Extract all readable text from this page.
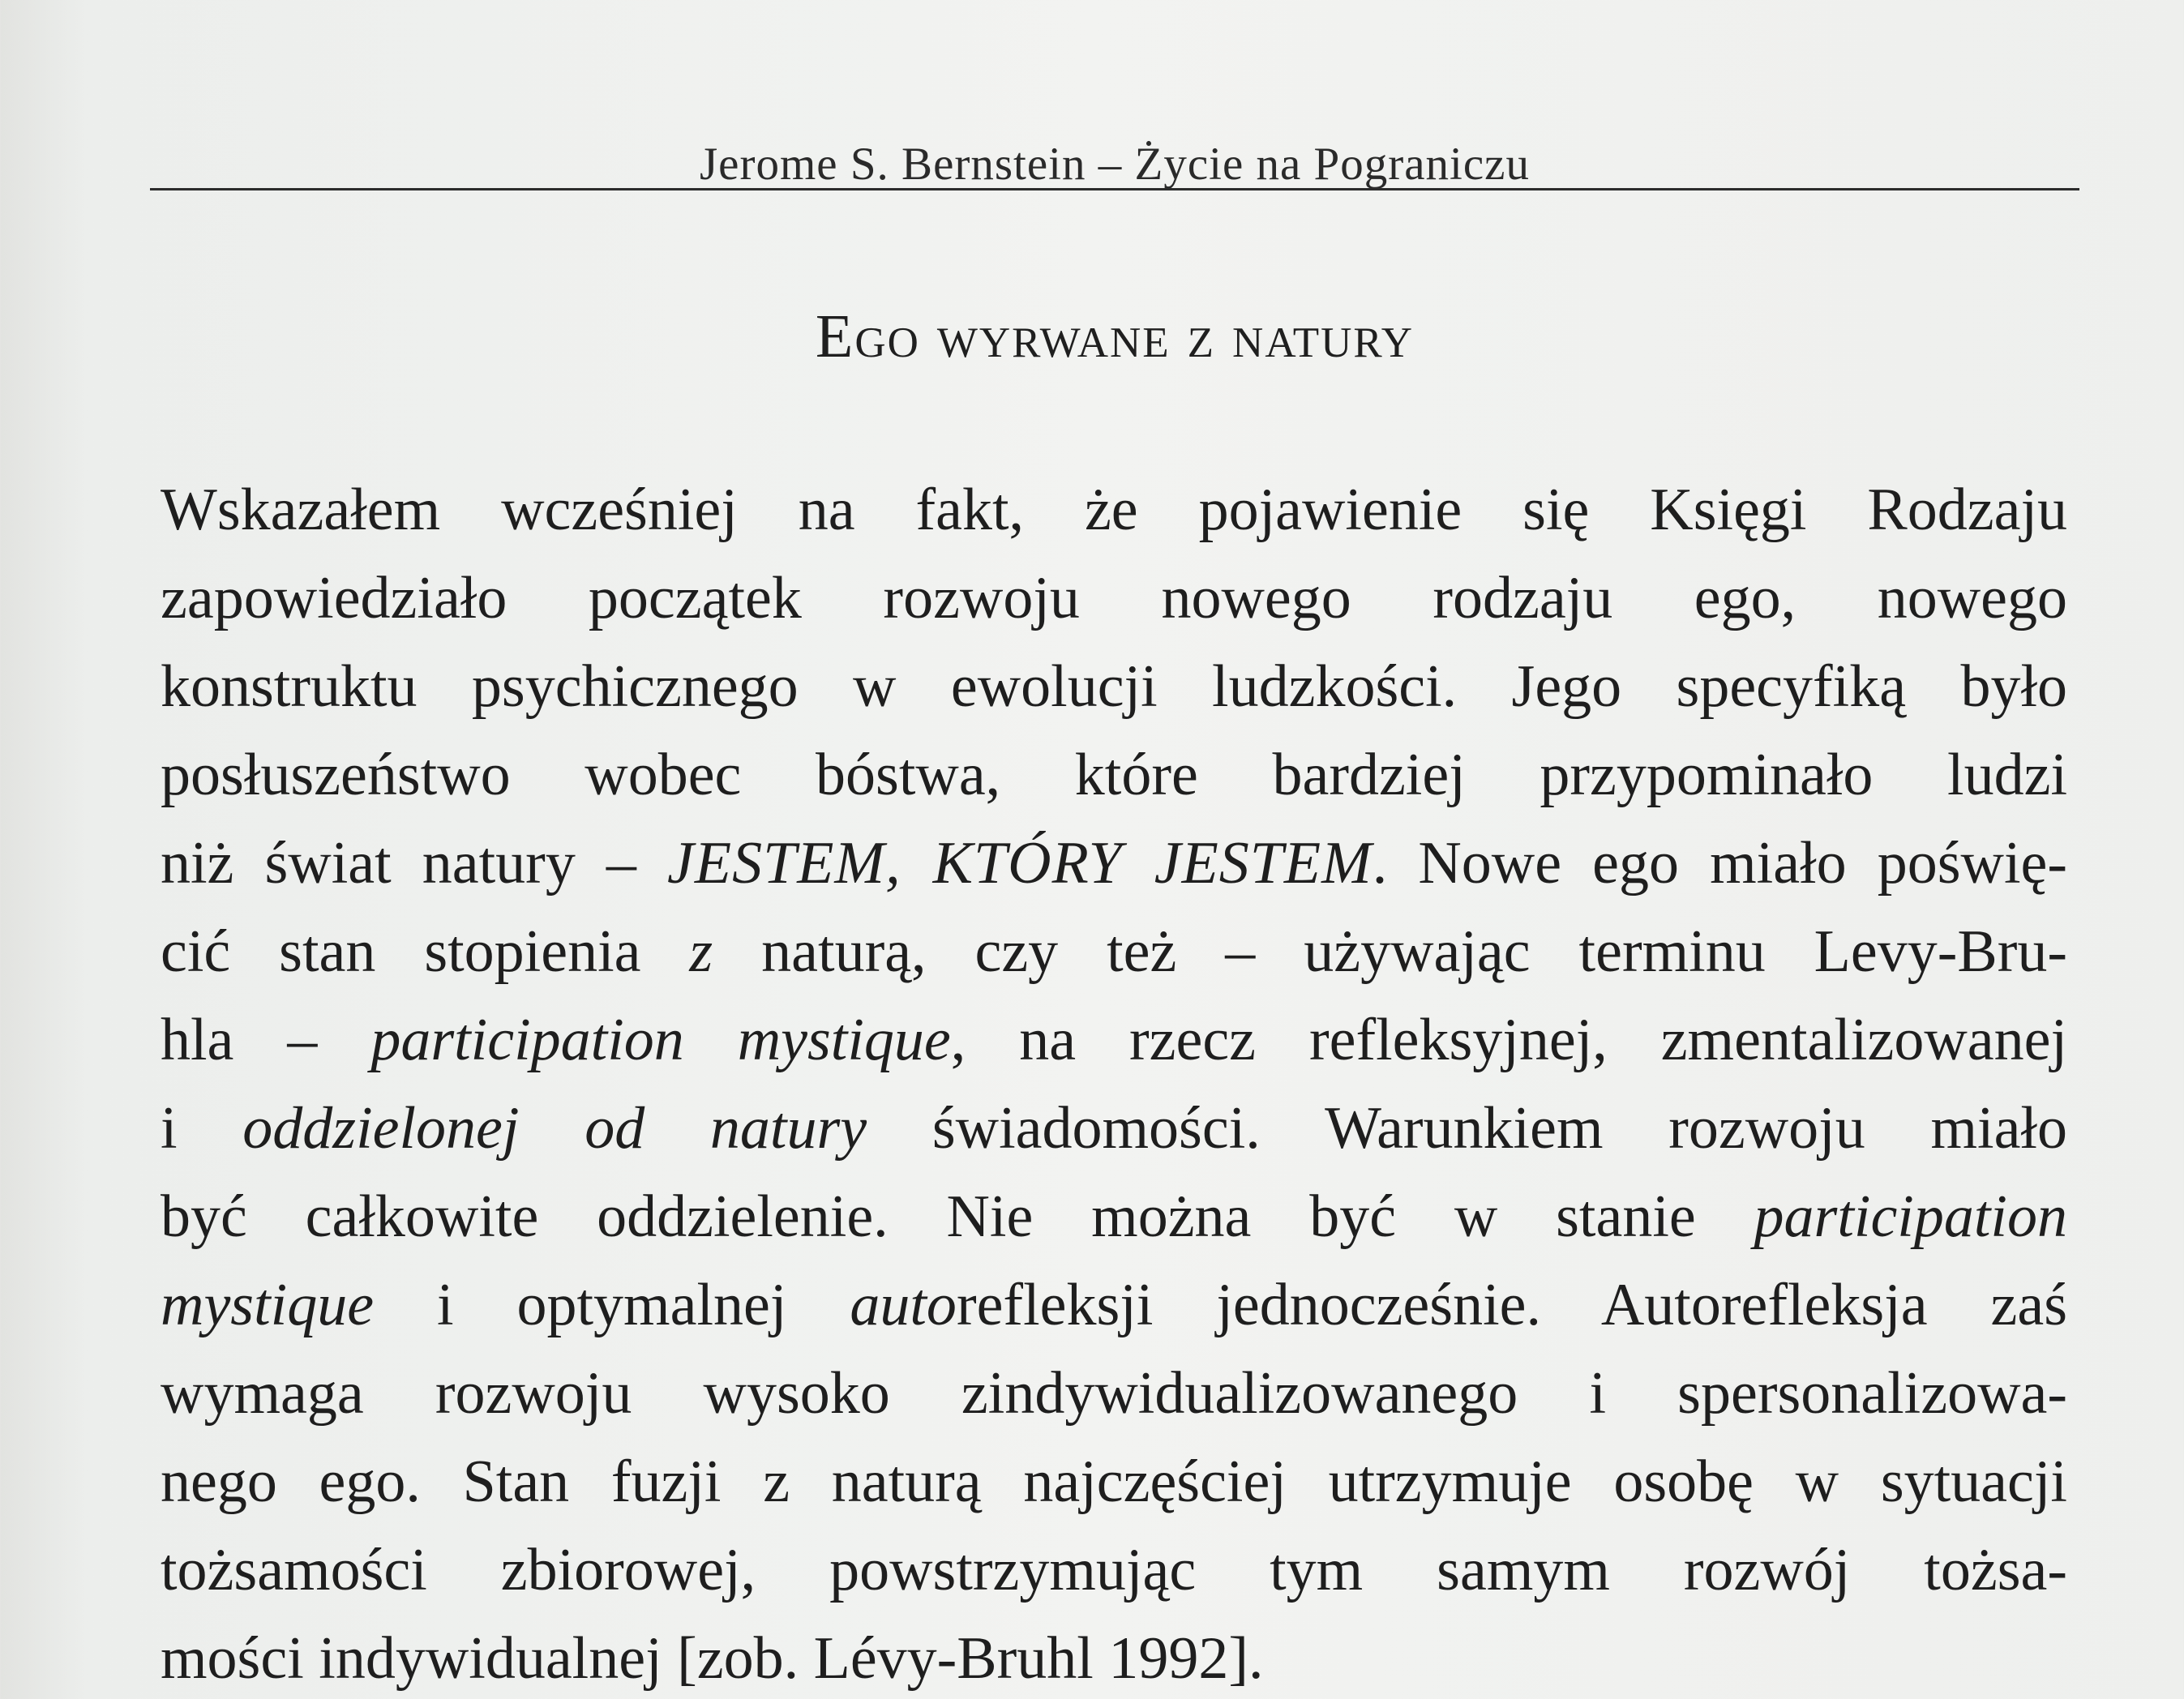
Jerome S. Bernstein – Życie na Pograniczu
Ego wyrwane z natury
Wskazałem wcześniej na fakt, że pojawienie się Księgi Rodzaju
zapowiedziało początek rozwoju nowego rodzaju ego, nowego
konstruktu psychicznego w ewolucji ludzkości. Jego specyfiką było
posłuszeństwo wobec bóstwa, które bardziej przypominało ludzi
niż świat natury – JESTEM, KTÓRY JESTEM. Nowe ego miało poświę-
cić stan stopienia z naturą, czy też – używając terminu Levy-Bru-
hla – participation mystique, na rzecz refleksyjnej, zmentalizowanej
i oddzielonej od natury świadomości. Warunkiem rozwoju miało
być całkowite oddzielenie. Nie można być w stanie participation
mystique i optymalnej autorefleksji jednocześnie. Autorefleksja zaś
wymaga rozwoju wysoko zindywidualizowanego i spersonalizowa-
nego ego. Stan fuzji z naturą najczęściej utrzymuje osobę w sytuacji
tożsamości zbiorowej, powstrzymując tym samym rozwój tożsa-
mości indywidualnej [zob. Lévy-Bruhl 1992].
